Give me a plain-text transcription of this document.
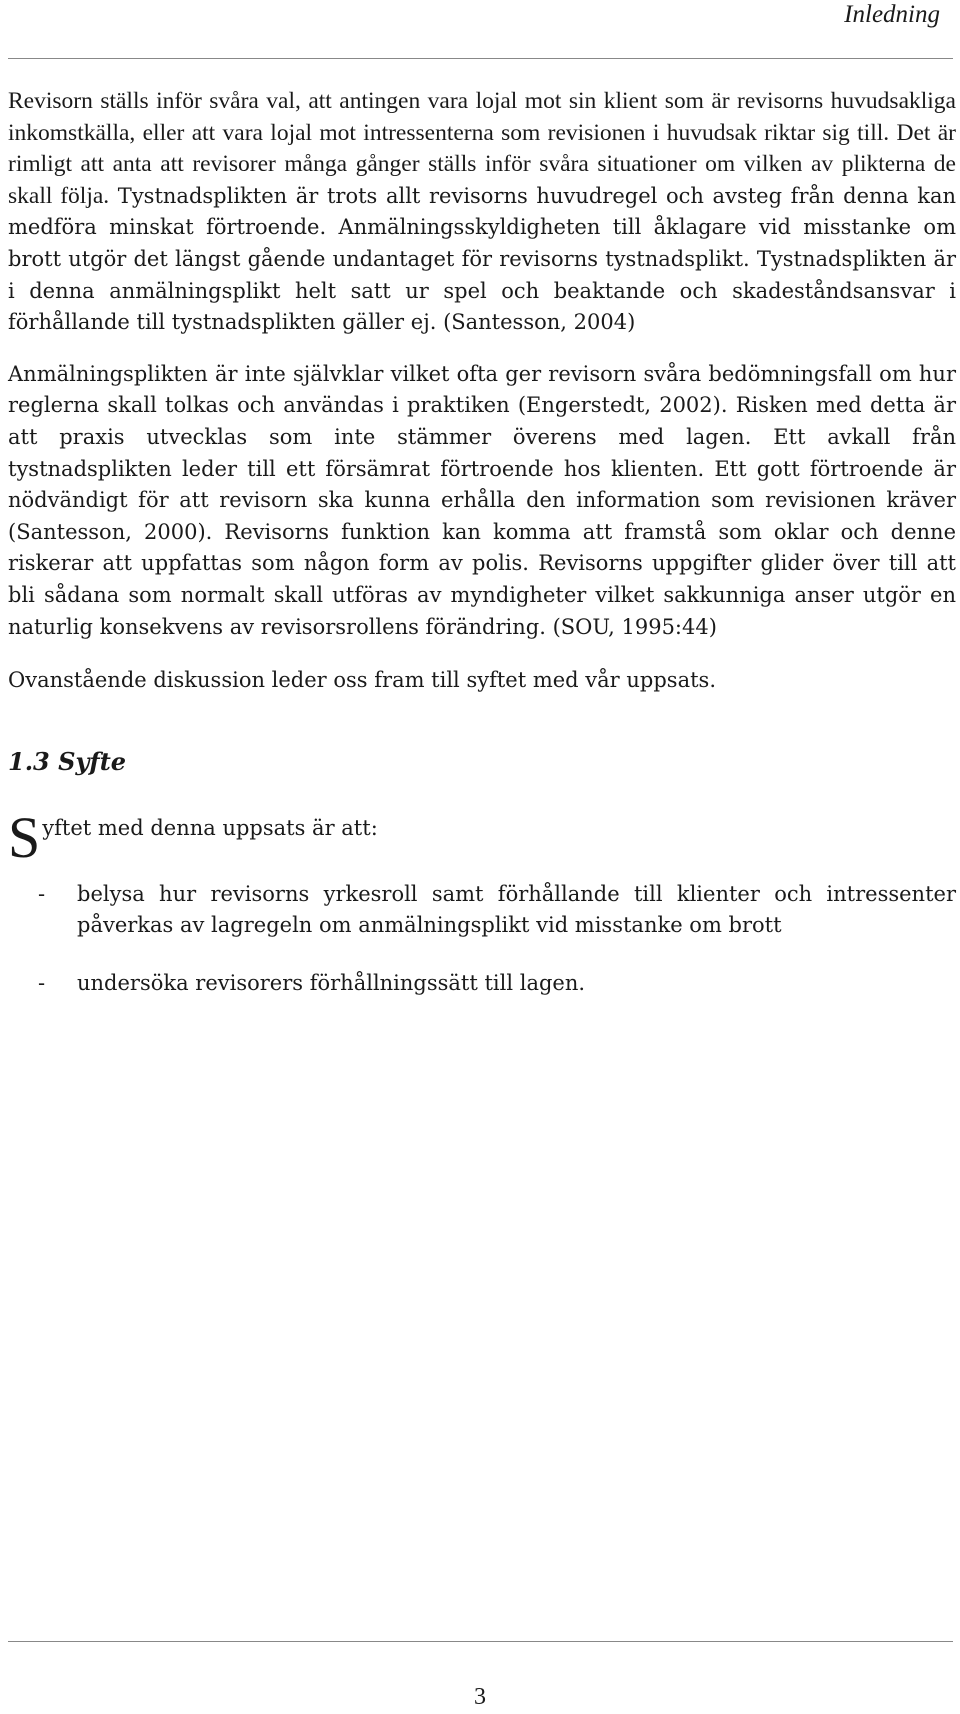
Inledning

Revisorn ställs inför svåra val, att antingen vara lojal mot sin klient som är revisorns huvudsakliga inkomstkälla, eller att vara lojal mot intressenterna som revisionen i huvudsak riktar sig till. Det är rimligt att anta att revisorer många gånger ställs inför svåra situationer om vilken av plikterna de skall följa. Tystnadsplikten är trots allt revisorns huvudregel och avsteg från denna kan medföra minskat förtroende. Anmälningsskyldigheten till åklagare vid misstanke om brott utgör det längst gående undantaget för revisorns tystnadsplikt. Tystnadsplikten är i denna anmälningsplikt helt satt ur spel och beaktande och skadeståndsansvar i förhållande till tystnadsplikten gäller ej. (Santesson, 2004)

Anmälningsplikten är inte självklar vilket ofta ger revisorn svåra bedömningsfall om hur reglerna skall tolkas och användas i praktiken (Engerstedt, 2002). Risken med detta är att praxis utvecklas som inte stämmer överens med lagen. Ett avkall från tystnadsplikten leder till ett försämrat förtroende hos klienten. Ett gott förtroende är nödvändigt för att revisorn ska kunna erhålla den information som revisionen kräver (Santesson, 2000). Revisorns funktion kan komma att framstå som oklar och denne riskerar att uppfattas som någon form av polis. Revisorns uppgifter glider över till att bli sådana som normalt skall utföras av myndigheter vilket sakkunniga anser utgör en naturlig konsekvens av revisorsrollens förändring. (SOU, 1995:44)

Ovanstående diskussion leder oss fram till syftet med vår uppsats.

1.3 Syfte
S yftet med denna uppsats är att:
- belysa hur revisorns yrkesroll samt förhållande till klienter och intressenter påverkas av lagregeln om anmälningsplikt vid misstanke om brott
- undersöka revisorers förhållningssätt till lagen.
3
